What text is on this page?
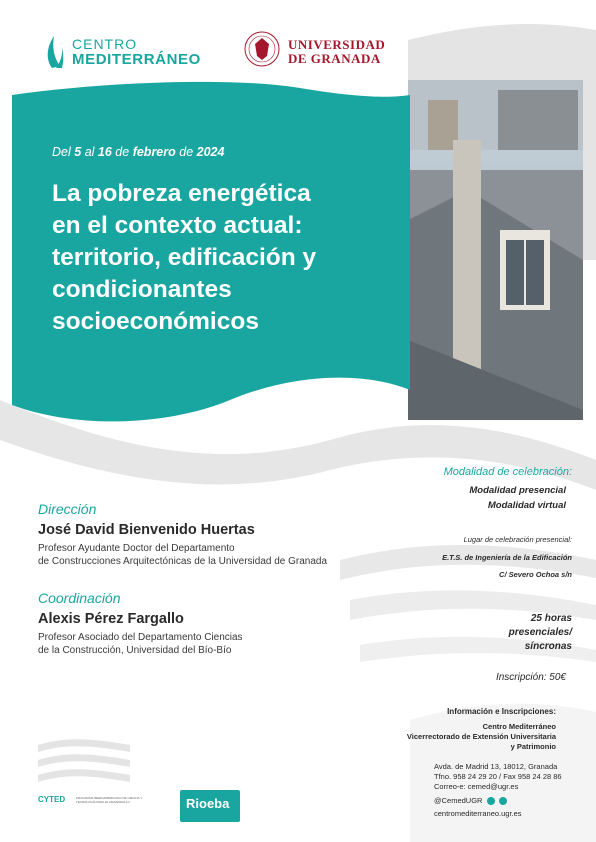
CENTRO
MEDITERRÁNEO
UNIVERSIDAD
DE GRANADA
Del 5 al 16 de febrero de 2024
La pobreza energética
en el contexto actual:
territorio, edificación y
condicionantes
socioeconómicos
Dirección
José David Bienvenido Huertas
Profesor Ayudante Doctor del Departamento
de Construcciones Arquitectónicas de la Universidad de Granada
Coordinación
Alexis Pérez Fargallo
Profesor Asociado del Departamento Ciencias
de la Construcción, Universidad del Bío-Bío
Modalidad de celebración:
Modalidad presencial
Modalidad virtual
Lugar de celebración presencial:
E.T.S. de Ingeniería de la Edificación
C/ Severo Ochoa s/n
25 horas
presenciales/
síncronas
Inscripción: 50€
Información e Inscripciones:
Centro Mediterráneo
Vicerrectorado de Extensión Universitaria
y Patrimonio
Avda. de Madrid 13, 18012, Granada
Tfno. 958 24 29 20 / Fax 958 24 28 86
Correo-e: cemed@ugr.es
@CemedUGR
centromediterraneo.ugr.es
CYTED	PROGRAMA IBEROAMERICANO DE CIENCIA Y
TECNOLOGÍA PARA EL DESARROLLO	Rioeba
